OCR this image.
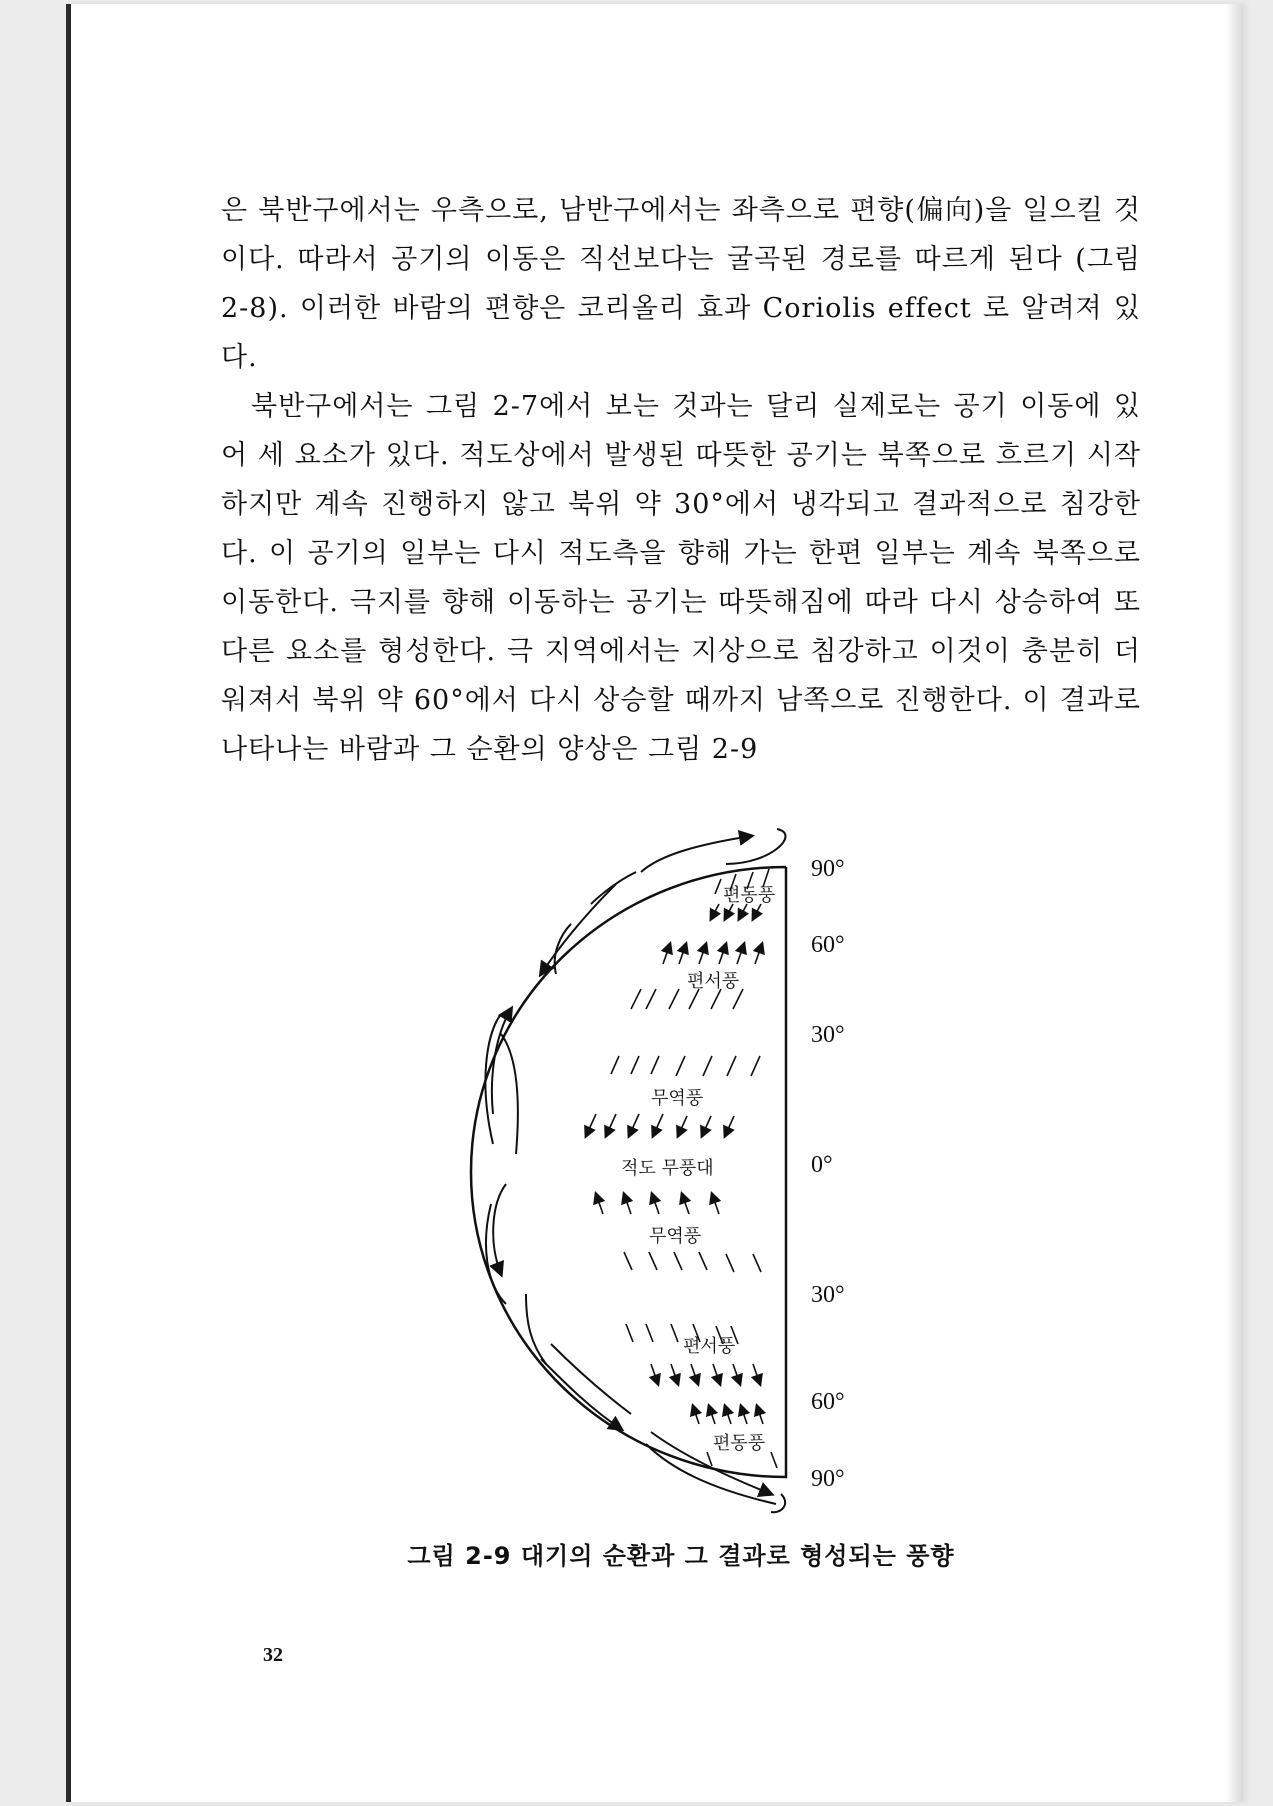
은 북반구에서는 우측으로, 남반구에서는 좌측으로 편향(偏向)을 일으킬 것이다. 따라서 공기의 이동은 직선보다는 굴곡된 경로를 따르게 된다 (그림 2-8). 이러한 바람의 편향은 코리올리 효과 Coriolis effect 로 알려져 있다.

북반구에서는 그림 2-7에서 보는 것과는 달리 실제로는 공기 이동에 있어 세 요소가 있다. 적도상에서 발생된 따뜻한 공기는 북쪽으로 흐르기 시작하지만 계속 진행하지 않고 북위 약 30°에서 냉각되고 결과적으로 침강한다. 이 공기의 일부는 다시 적도측을 향해 가는 한편 일부는 계속 북쪽으로 이동한다. 극지를 향해 이동하는 공기는 따뜻해짐에 따라 다시 상승하여 또 다른 요소를 형성한다. 극 지역에서는 지상으로 침강하고 이것이 충분히 더워져서 북위 약 60°에서 다시 상승할 때까지 남쪽으로 진행한다. 이 결과로 나타나는 바람과 그 순환의 양상은 그림 2-9

편동풍
편서풍
무역풍
적도 무풍대
무역풍
편서풍
편동풍
90°
60°
30°
0°
30°
60°
90°
그림 2-9 대기의 순환과 그 결과로 형성되는 풍향
32
